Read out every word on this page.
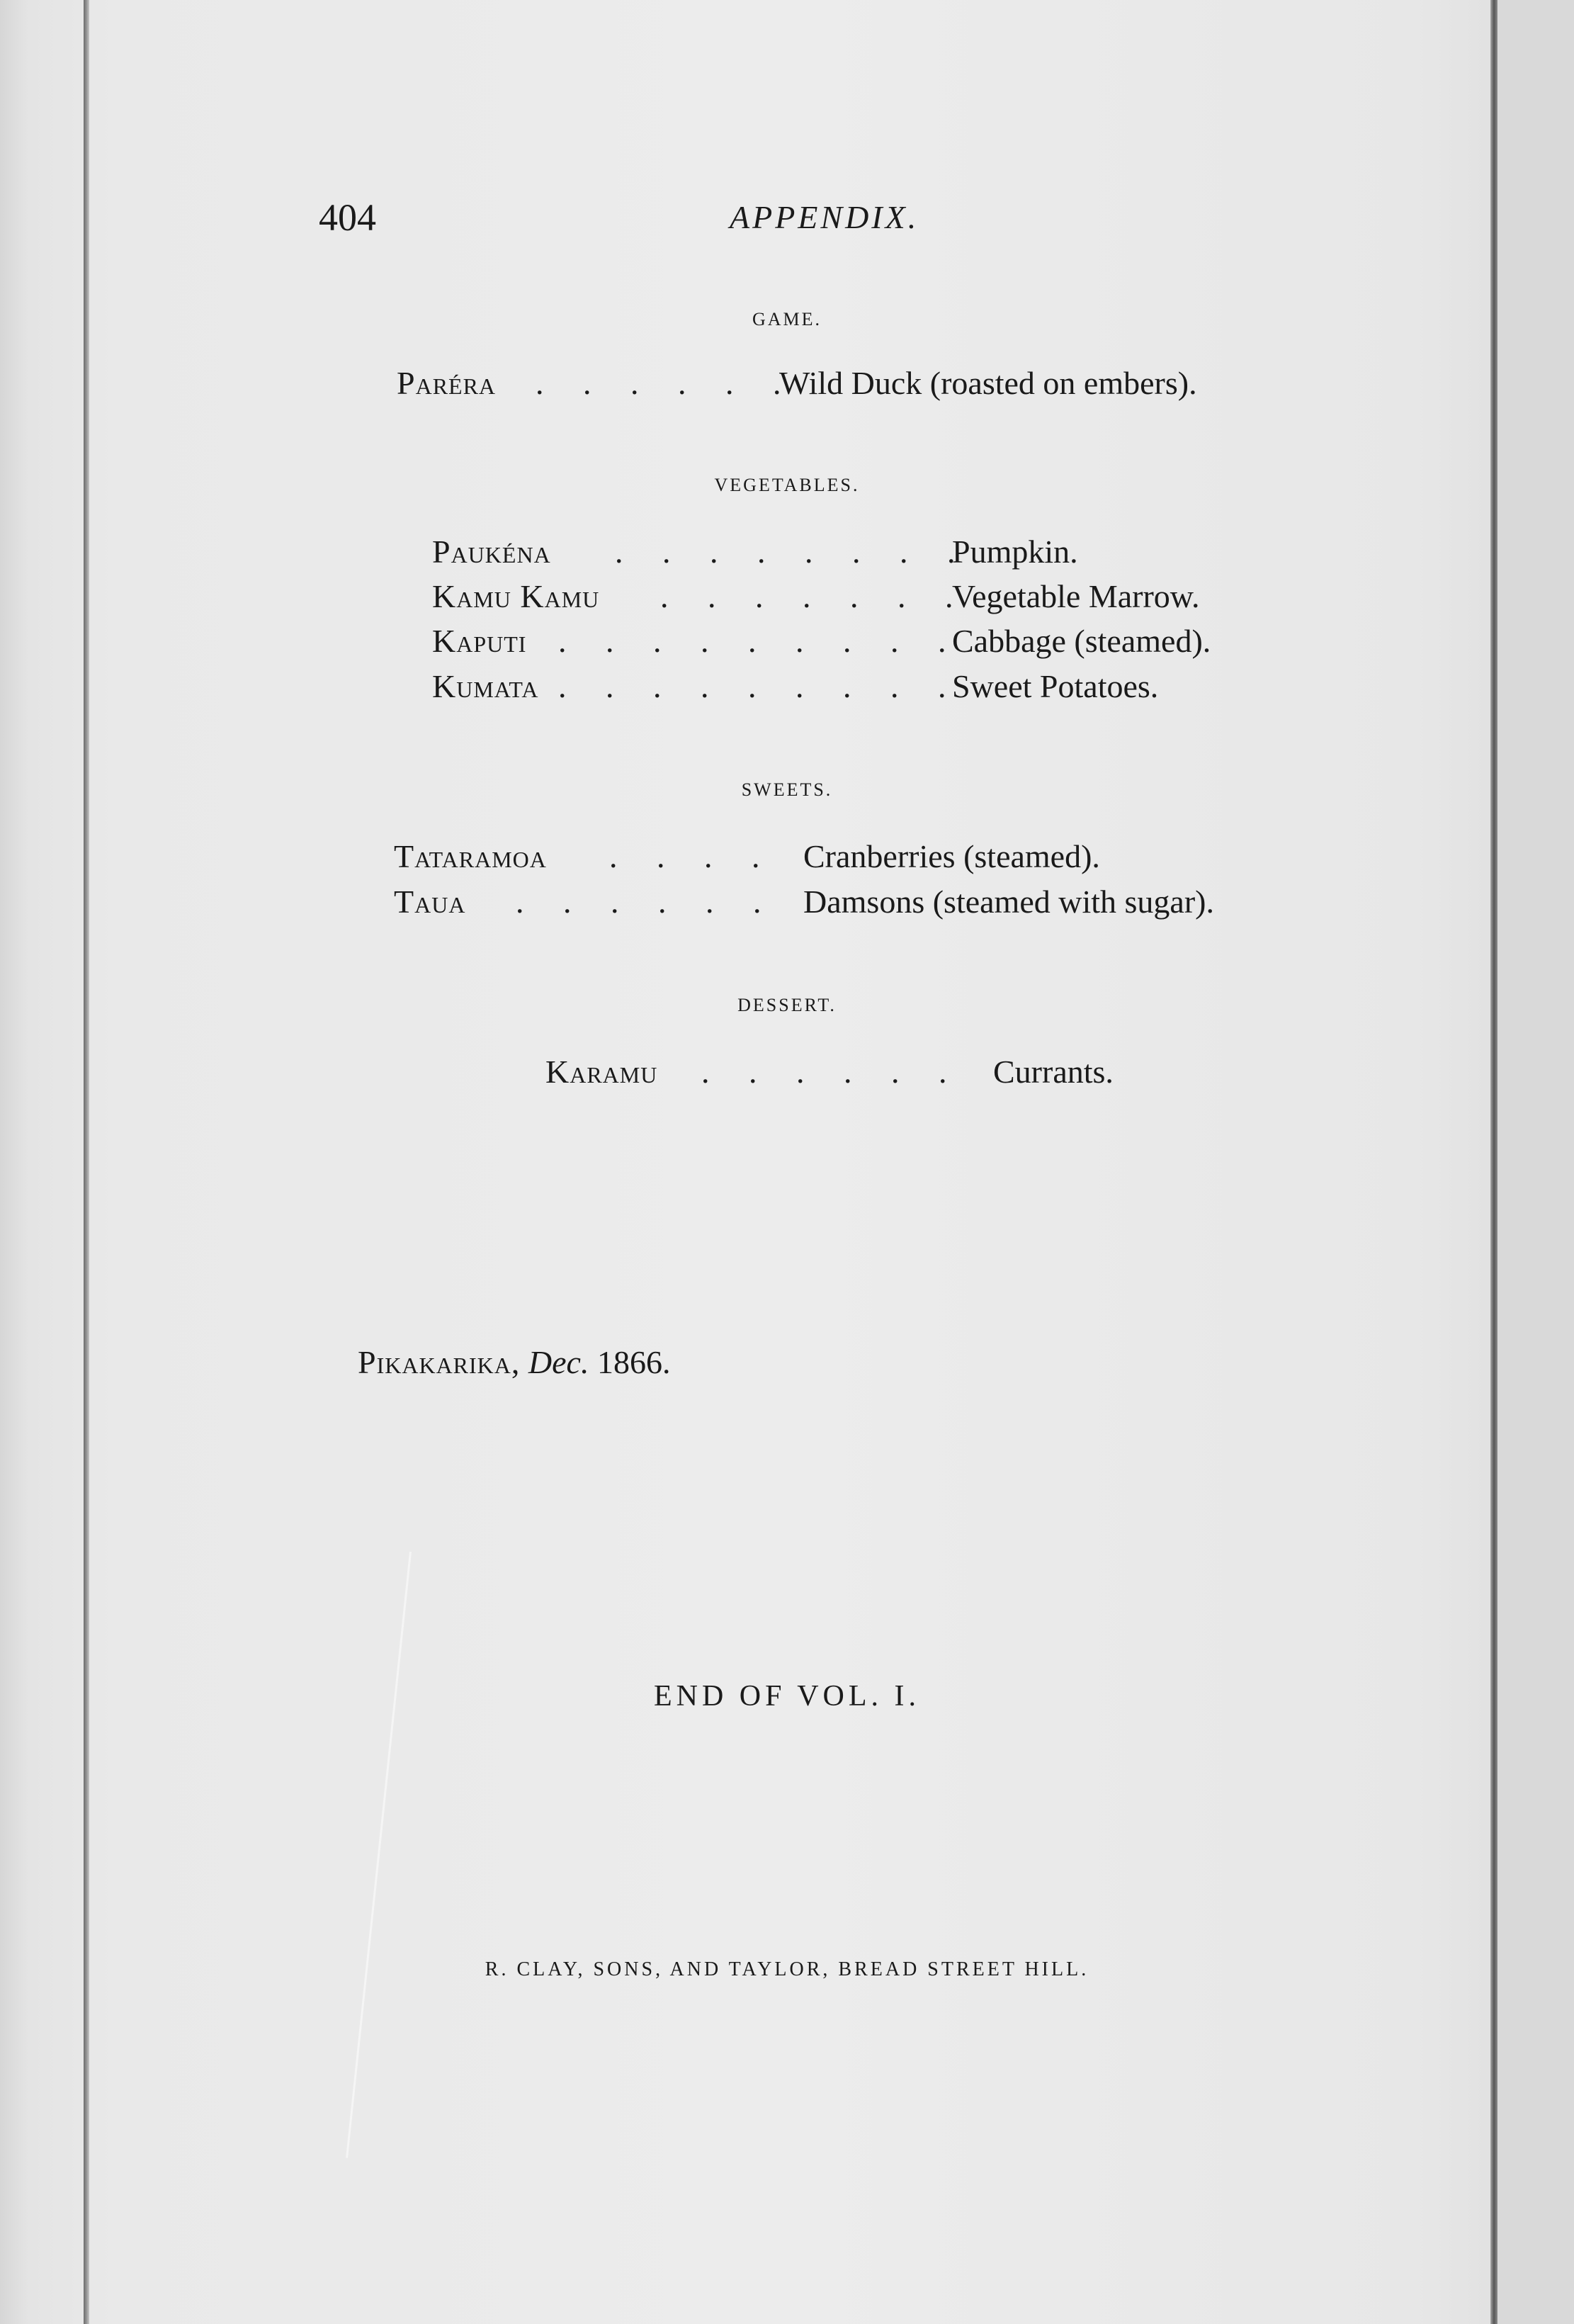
404	APPENDIX.
GAME.
Paréra . . . . . .
Wild Duck (roasted on embers).
VEGETABLES.
Paukéna . . . . . . . .
Pumpkin.
Kamu Kamu . . . . . . .
Vegetable Marrow.
Kaputi . . . . . . . . .
Cabbage (steamed).
Kumata . . . . . . . . .
Sweet Potatoes.
SWEETS.
Tataramoa . . . . Cranberries (steamed).
Taua . . . . . . Damsons (steamed with sugar).
DESSERT.
Karamu . . . . . . Currants.
Pikakarika, Dec. 1866.
END OF VOL. I.
R. CLAY, SONS, AND TAYLOR, BREAD STREET HILL.
